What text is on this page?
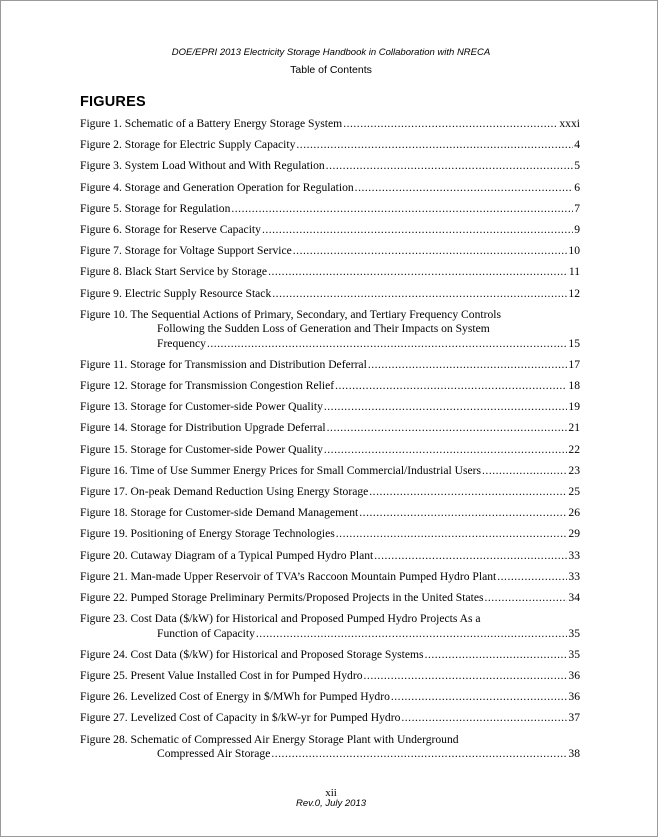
DOE/EPRI 2013 Electricity Storage Handbook in Collaboration with NRECA
Table of Contents
FIGURES
Figure 1. Schematic of a Battery Energy Storage System .....	xxxi
Figure 2. Storage for Electric Supply Capacity .....	4
Figure 3. System Load Without and With Regulation .....	5
Figure 4. Storage and Generation Operation for Regulation .....	6
Figure 5. Storage for Regulation .....	7
Figure 6. Storage for Reserve Capacity .....	9
Figure 7. Storage for Voltage Support Service .....	10
Figure 8. Black Start Service by Storage .....	11
Figure 9. Electric Supply Resource Stack .....	12
Figure 10. The Sequential Actions of Primary, Secondary, and Tertiary Frequency Controls
Following the Sudden Loss of Generation and Their Impacts on System
Frequency .....	15
Figure 11. Storage for Transmission and Distribution Deferral .....	17
Figure 12. Storage for Transmission Congestion Relief .....	18
Figure 13. Storage for Customer-side Power Quality .....	19
Figure 14. Storage for Distribution Upgrade Deferral .....	21
Figure 15. Storage for Customer-side Power Quality .....	22
Figure 16. Time of Use Summer Energy Prices for Small Commercial/Industrial Users .....	23
Figure 17. On-peak Demand Reduction Using Energy Storage .....	25
Figure 18. Storage for Customer-side Demand Management .....	26
Figure 19. Positioning of Energy Storage Technologies .....	29
Figure 20. Cutaway Diagram of a Typical Pumped Hydro Plant .....	33
Figure 21. Man-made Upper Reservoir of TVA’s Raccoon Mountain Pumped Hydro Plant .....	33
Figure 22. Pumped Storage Preliminary Permits/Proposed Projects in the United States .....	34
Figure 23. Cost Data ($/kW) for Historical and Proposed Pumped Hydro Projects As a
Function of Capacity .....	35
Figure 24. Cost Data ($/kW) for Historical and Proposed Storage Systems .....	35
Figure 25. Present Value Installed Cost in for Pumped Hydro .....	36
Figure 26. Levelized Cost of Energy in $/MWh for Pumped Hydro .....	36
Figure 27. Levelized Cost of Capacity in $/kW-yr for Pumped Hydro .....	37
Figure 28. Schematic of Compressed Air Energy Storage Plant with Underground
Compressed Air Storage .....	38
xii
Rev.0, July 2013
